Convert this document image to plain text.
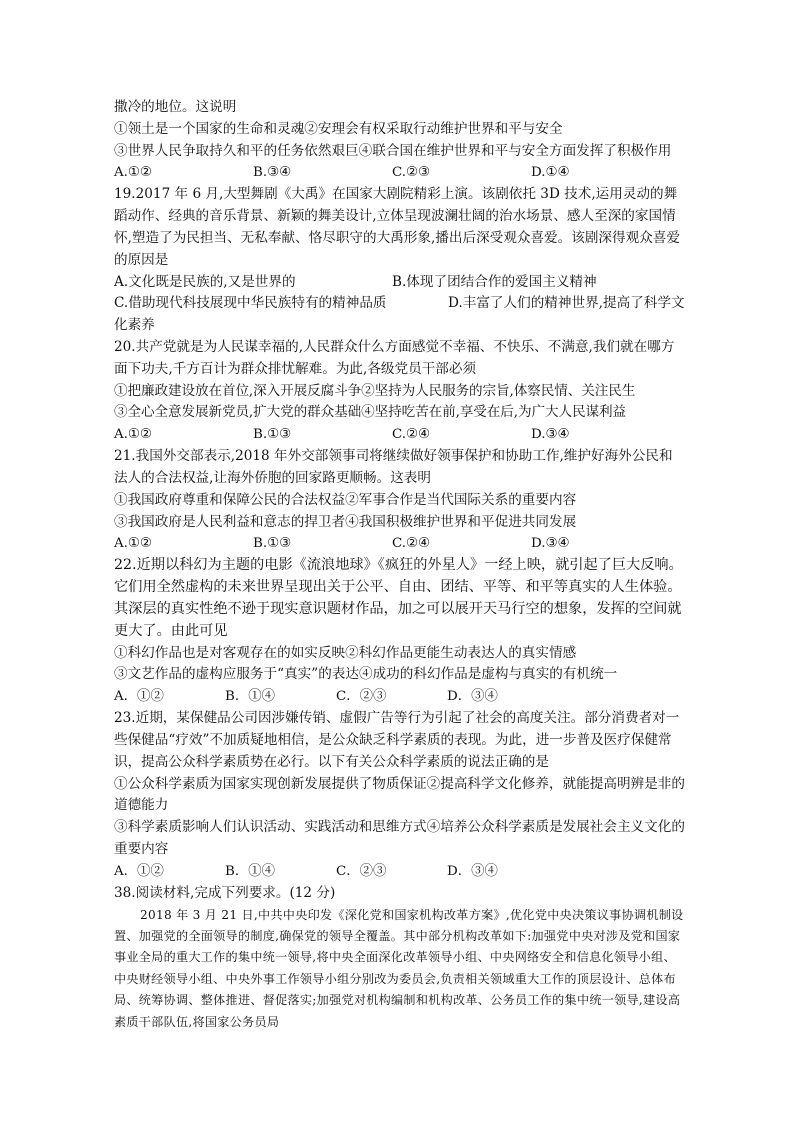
撒冷的地位。这说明

①领土是一个国家的生命和灵魂②安理会有权采取行动维护世界和平与安全

③世界人民争取持久和平的任务依然艰巨④联合国在维护世界和平与安全方面发挥了积极作用

A.①②	B.③④	C.②③	D.①④

19.2017 年 6 月,大型舞剧《大禹》在国家大剧院精彩上演。该剧依托 3D 技术,运用灵动的舞蹈动作、经典的音乐背景、新颖的舞美设计,立体呈现波澜壮阔的治水场景、感人至深的家国情怀,塑造了为民担当、无私奉献、恪尽职守的大禹形象,播出后深受观众喜爱。该剧深得观众喜爱的原因是

A.文化既是民族的,又是世界的	B.体现了团结合作的爱国主义精神

C.借助现代科技展现中华民族特有的精神品质	D.丰富了人们的精神世界,提高了科学文化素养

20.共产党就是为人民谋幸福的,人民群众什么方面感觉不幸福、不快乐、不满意,我们就在哪方面下功夫,千方百计为群众排忧解难。为此,各级党员干部必须

①把廉政建设放在首位,深入开展反腐斗争②坚持为人民服务的宗旨,体察民情、关注民生

③全心全意发展新党员,扩大党的群众基础④坚持吃苦在前,享受在后,为广大人民谋利益

A.①②	B.①③	C.②④	D.③④

21.我国外交部表示,2018 年外交部领事司将继续做好领事保护和协助工作,维护好海外公民和法人的合法权益,让海外侨胞的回家路更顺畅。这表明

①我国政府尊重和保障公民的合法权益②军事合作是当代国际关系的重要内容

③我国政府是人民利益和意志的捍卫者④我国积极维护世界和平促进共同发展

A.①②	B.①③	C.②④	D.③④

22.近期以科幻为主题的电影《流浪地球》《疯狂的外星人》一经上映，就引起了巨大反响。它们用全然虚构的未来世界呈现出关于公平、自由、团结、平等、和平等真实的人生体验。其深层的真实性绝不逊于现实意识题材作品，加之可以展开天马行空的想象，发挥的空间就更大了。由此可见

①科幻作品也是对客观存在的如实反映②科幻作品更能生动表达人的真实情感

③文艺作品的虚构应服务于“真实”的表达④成功的科幻作品是虚构与真实的有机统一

A．①②	B．①④	C．②③	D．③④

23.近期，某保健品公司因涉嫌传销、虚假广告等行为引起了社会的高度关注。部分消费者对一些保健品“疗效”不加质疑地相信，是公众缺乏科学素质的表现。为此，进一步普及医疗保健常识，提高公众科学素质势在必行。以下有关公众科学素质的说法正确的是

①公众科学素质为国家实现创新发展提供了物质保证②提高科学文化修养，就能提高明辨是非的道德能力

③科学素质影响人们认识活动、实践活动和思维方式④培养公众科学素质是发展社会主义文化的重要内容

A．①②	B．①④	C．②③	D．③④

38.阅读材料,完成下列要求。(12 分)

2018 年 3 月 21 日,中共中央印发《深化党和国家机构改革方案》,优化党中央决策议事协调机制设置、加强党的全面领导的制度,确保党的领导全覆盖。其中部分机构改革如下:加强党中央对涉及党和国家事业全局的重大工作的集中统一领导,将中央全面深化改革领导小组、中央网络安全和信息化领导小组、中央财经领导小组、中央外事工作领导小组分别改为委员会,负责相关领域重大工作的顶层设计、总体布局、统筹协调、整体推进、督促落实;加强党对机构编制和机构改革、公务员工作的集中统一领导,建设高素质干部队伍,将国家公务员局
